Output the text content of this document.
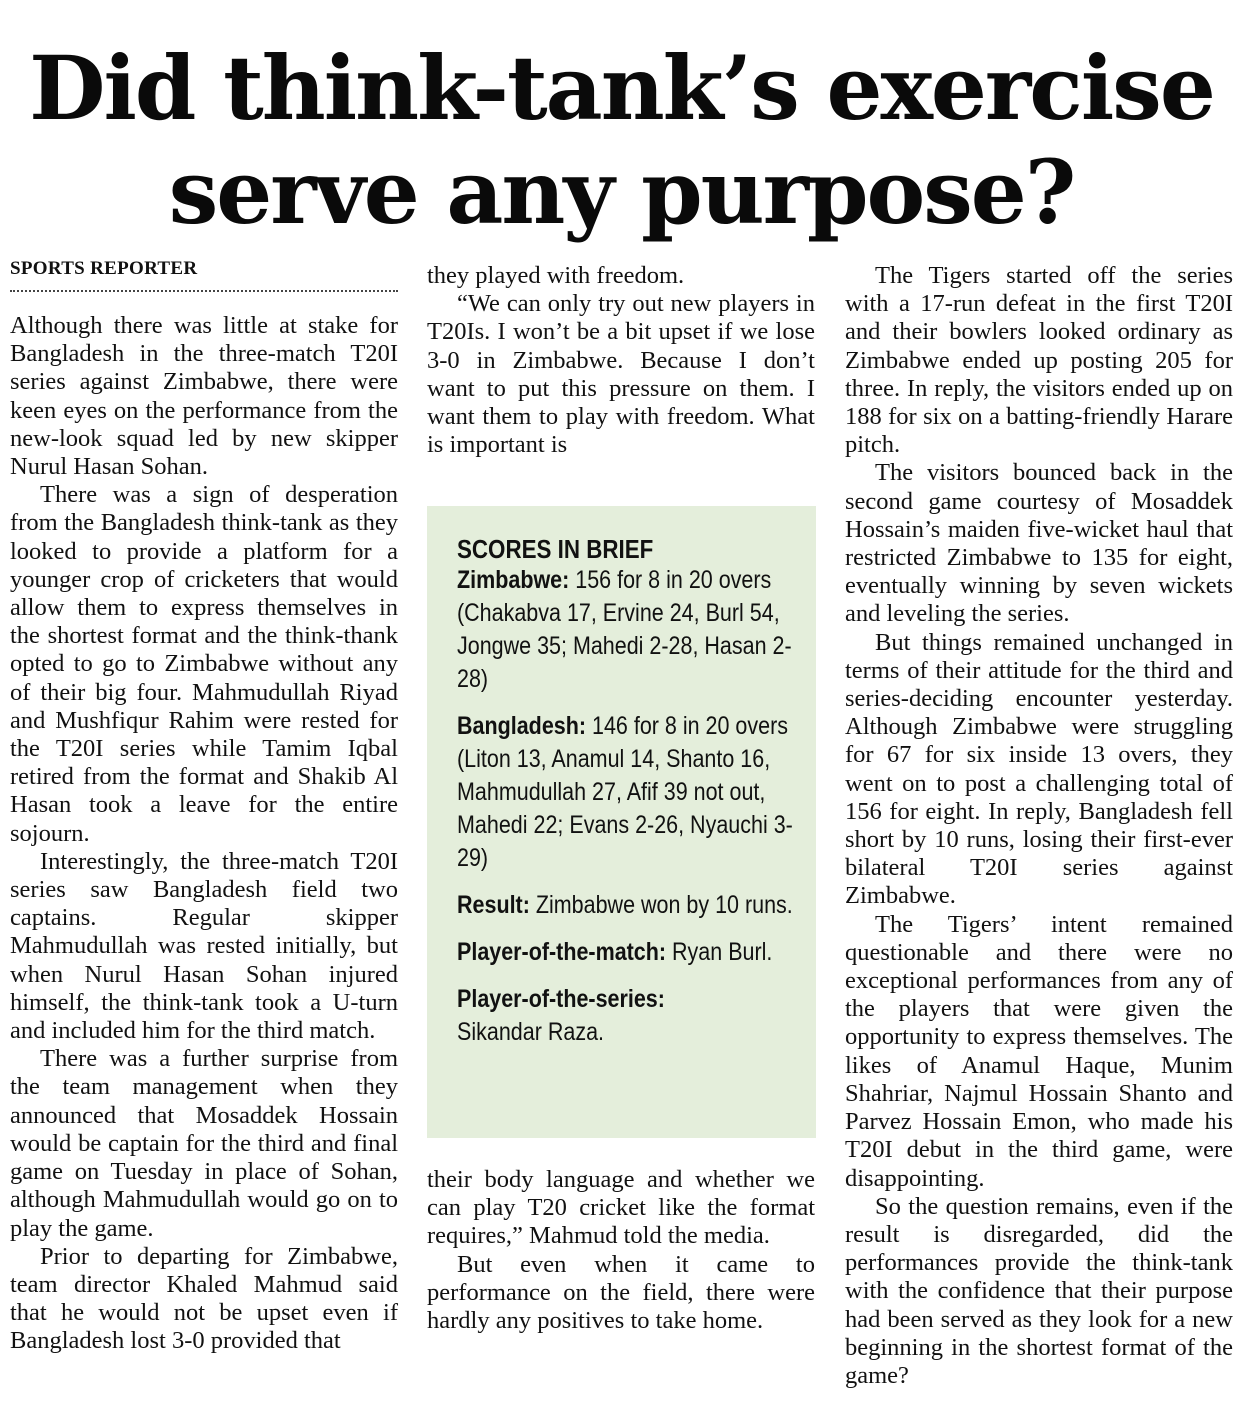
Did think-tank’s exercise serve any purpose?
SPORTS REPORTER

Although there was little at stake for Bangladesh in the three-match T20I series against Zimbabwe, there were keen eyes on the performance from the new-look squad led by new skipper Nurul Hasan Sohan.

There was a sign of desperation from the Bangladesh think-tank as they looked to provide a platform for a younger crop of cricketers that would allow them to express themselves in the shortest format and the think-thank opted to go to Zimbabwe without any of their big four. Mahmudullah Riyad and Mushfiqur Rahim were rested for the T20I series while Tamim Iqbal retired from the format and Shakib Al Hasan took a leave for the entire sojourn.

Interestingly, the three-match T20I series saw Bangladesh field two captains. Regular skipper Mahmudullah was rested initially, but when Nurul Hasan Sohan injured himself, the think-tank took a U-turn and included him for the third match.

There was a further surprise from the team management when they announced that Mosaddek Hossain would be captain for the third and final game on Tuesday in place of Sohan, although Mahmudullah would go on to play the game.

Prior to departing for Zimbabwe, team director Khaled Mahmud said that he would not be upset even if Bangladesh lost 3-0 provided that

they played with freedom.

“We can only try out new players in T20Is. I won’t be a bit upset if we lose 3-0 in Zimbabwe. Because I don’t want to put this pressure on them. I want them to play with freedom. What is important is

SCORES IN BRIEF

Zimbabwe: 156 for 8 in 20 overs (Chakabva 17, Ervine 24, Burl 54, Jongwe 35; Mahedi 2-28, Hasan 2-28)

Bangladesh: 146 for 8 in 20 overs (Liton 13, Anamul 14, Shanto 16, Mahmudullah 27, Afif 39 not out, Mahedi 22; Evans 2-26, Nyauchi 3-29)

Result: Zimbabwe won by 10 runs.

Player-of-the-match: Ryan Burl.

Player-of-the-series:
Sikandar Raza.

their body language and whether we can play T20 cricket like the format requires,” Mahmud told the media.

But even when it came to performance on the field, there were hardly any positives to take home.

The Tigers started off the series with a 17-run defeat in the first T20I and their bowlers looked ordinary as Zimbabwe ended up posting 205 for three. In reply, the visitors ended up on 188 for six on a batting-friendly Harare pitch.

The visitors bounced back in the second game courtesy of Mosaddek Hossain’s maiden five-wicket haul that restricted Zimbabwe to 135 for eight, eventually winning by seven wickets and leveling the series.

But things remained unchanged in terms of their attitude for the third and series-deciding encounter yesterday. Although Zimbabwe were struggling for 67 for six inside 13 overs, they went on to post a challenging total of 156 for eight. In reply, Bangladesh fell short by 10 runs, losing their first-ever bilateral T20I series against Zimbabwe.

The Tigers’ intent remained questionable and there were no exceptional performances from any of the players that were given the opportunity to express themselves. The likes of Anamul Haque, Munim Shahriar, Najmul Hossain Shanto and Parvez Hossain Emon, who made his T20I debut in the third game, were disappointing.

So the question remains, even if the result is disregarded, did the performances provide the think-tank with the confidence that their purpose had been served as they look for a new beginning in the shortest format of the game?
